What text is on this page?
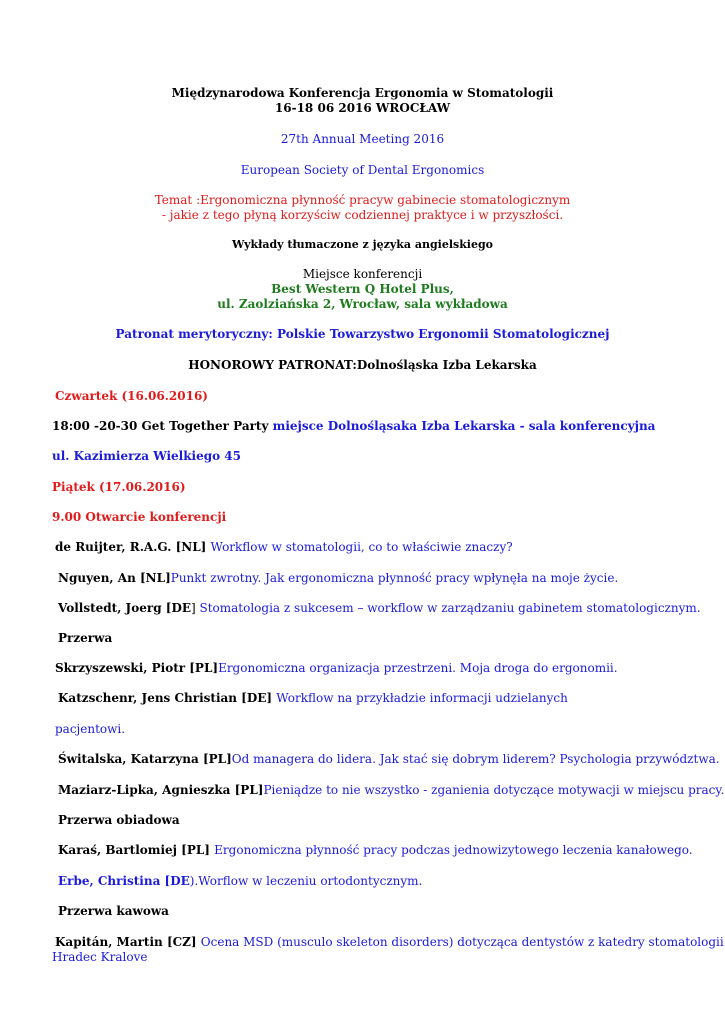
Międzynarodowa Konferencja Ergonomia w Stomatologii
16-18 06 2016 WROCŁAW
27th Annual Meeting 2016
European Society of Dental Ergonomics
Temat :Ergonomiczna płynność pracyw gabinecie stomatologicznym
- jakie z tego płyną korzyściw codziennej praktyce i w przyszłości.
Wykłady tłumaczone z języka angielskiego
Miejsce konferencji
Best Western Q Hotel Plus,
ul. Zaolziańska 2, Wrocław, sala wykładowa
Patronat merytoryczny: Polskie Towarzystwo Ergonomii Stomatologicznej
HONOROWY PATRONAT:Dolnośląska Izba Lekarska
Czwartek (16.06.2016)
18:00 -20-30 Get Together Party miejsce Dolnośląsaka Izba Lekarska - sala konferencyjna
ul. Kazimierza Wielkiego 45
Piątek (17.06.2016)
9.00 Otwarcie konferencji
de Ruijter, R.A.G. [NL] Workflow w stomatologii, co to właściwie znaczy?
Nguyen, An [NL]Punkt zwrotny. Jak ergonomiczna płynność pracy wpłynęła na moje życie.
Vollstedt, Joerg [DE] Stomatologia z sukcesem – workflow w zarządzaniu gabinetem stomatologicznym.
Przerwa
Skrzyszewski, Piotr [PL]Ergonomiczna organizacja przestrzeni. Moja droga do ergonomii.
Katzschenr, Jens Christian [DE] Workflow na przykładzie informacji udzielanych
pacjentowi.
Świtalska, Katarzyna [PL]Od managera do lidera. Jak stać się dobrym liderem? Psychologia przywództwa.
Maziarz-Lipka, Agnieszka [PL]Pieniądze to nie wszystko - zganienia dotyczące motywacji w miejscu pracy.
Przerwa obiadowa
Karaś, Bartlomiej [PL] Ergonomiczna płynność pracy podczas jednowizytowego leczenia kanałowego.
Erbe, Christina [DE).Worflow w leczeniu ortodontycznym.
Przerwa kawowa
Kapitán, Martin [CZ] Ocena MSD (musculo skeleton disorders) dotycząca dentystów z katedry stomatologii
Hradec Kralove
